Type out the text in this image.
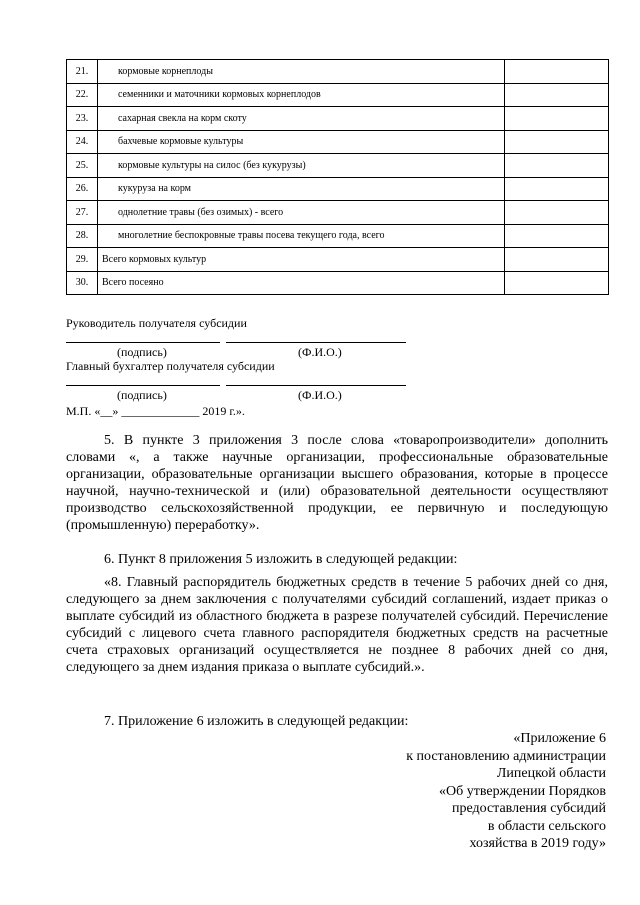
21.	кормовые корнеплоды	
22.	семенники и маточники кормовых корнеплодов	
23.	сахарная свекла на корм скоту	
24.	бахчевые кормовые культуры	
25.	кормовые культуры на силос (без кукурузы)	
26.	кукуруза на корм	
27.	однолетние травы (без озимых) - всего	
28.	многолетние беспокровные травы посева текущего года, всего	
29.	Всего кормовых культур	
30.	Всего посеяно	
Руководитель получателя субсидии
(подпись)	(Ф.И.О.)
Главный бухгалтер получателя субсидии
(подпись)	(Ф.И.О.)
М.П. «__» _____________ 2019 г.».

5. В пункте 3 приложения 3 после слова «товаропроизводители» дополнить словами «, а также научные организации, профессиональные образовательные организации, образовательные организации высшего образования, которые в процессе научной, научно-технической и (или) образовательной деятельности осуществляют производство сельскохозяйственной продукции, ее первичную и последующую (промышленную) переработку».

6. Пункт 8 приложения 5 изложить в следующей редакции:

«8. Главный распорядитель бюджетных средств в течение 5 рабочих дней со дня, следующего за днем заключения с получателями субсидий соглашений, издает приказ о выплате субсидий из областного бюджета в разрезе получателей субсидий. Перечисление субсидий с лицевого счета главного распорядителя бюджетных средств на расчетные счета страховых организаций осуществляется не позднее 8 рабочих дней со дня, следующего за днем издания приказа о выплате субсидий.».

7. Приложение 6 изложить в следующей редакции:

«Приложение 6
к постановлению администрации
Липецкой области
«Об утверждении Порядков
предоставления субсидий
в области сельского
хозяйства в 2019 году»
